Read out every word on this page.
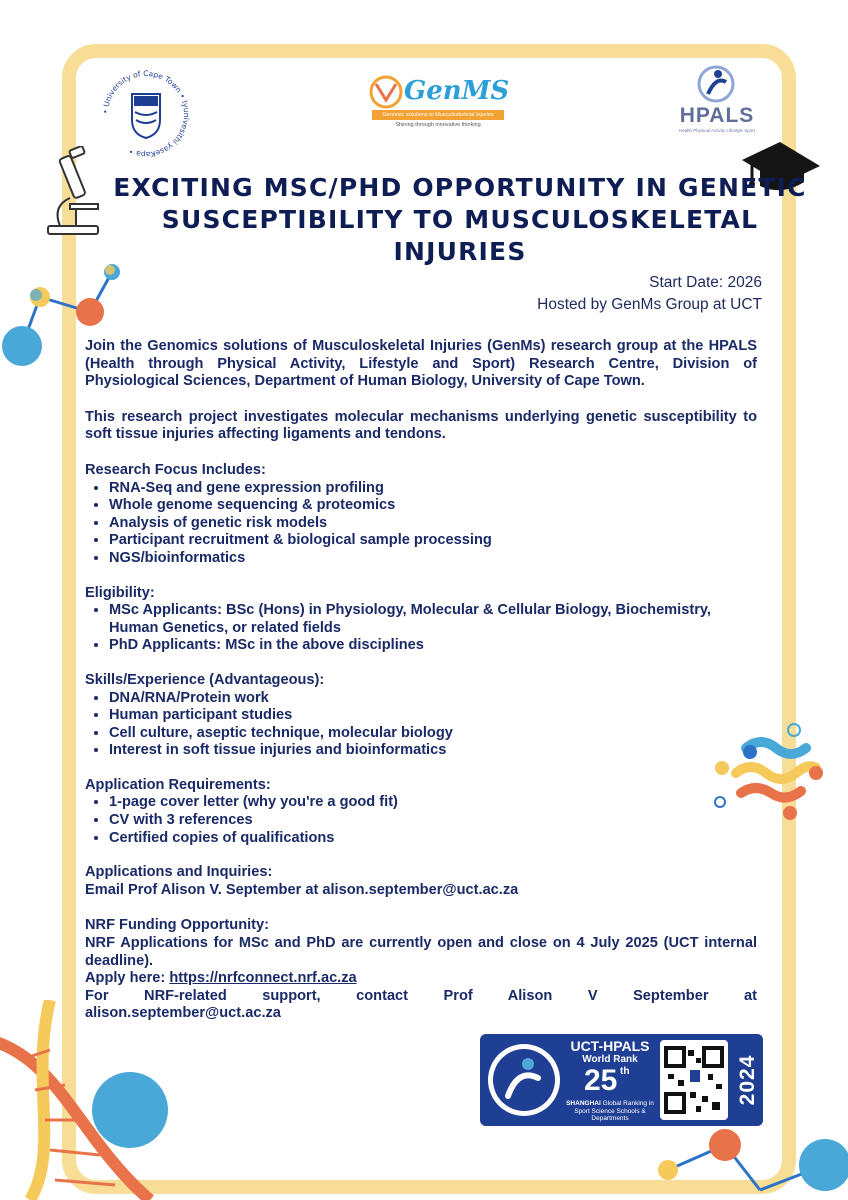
• University of Cape Town • Iyunivesithi yaseKapa •
GenMS
Genomic solutions to Musculoskeletal Injuries
Shining through innovative thinking	HPALS
Health Physical Activity Lifestyle Sport
EXCITING MSC/PHD OPPORTUNITY IN GENETIC SUSCEPTIBILITY TO MUSCULOSKELETAL INJURIES
Start Date: 2026
Hosted by GenMs Group at UCT

Join the Genomics solutions of Musculoskeletal Injuries (GenMs) research group at the HPALS (Health through Physical Activity, Lifestyle and Sport) Research Centre, Division of Physiological Sciences, Department of Human Biology, University of Cape Town.

This research project investigates molecular mechanisms underlying genetic susceptibility to soft tissue injuries affecting ligaments and tendons.

Research Focus Includes:

• RNA-Seq and gene expression profiling
• Whole genome sequencing & proteomics
• Analysis of genetic risk models
• Participant recruitment & biological sample processing
• NGS/bioinformatics

Eligibility:

• MSc Applicants: BSc (Hons) in Physiology, Molecular & Cellular Biology, Biochemistry, Human Genetics, or related fields
• PhD Applicants: MSc in the above disciplines

Skills/Experience (Advantageous):

• DNA/RNA/Protein work
• Human participant studies
• Cell culture, aseptic technique, molecular biology
• Interest in soft tissue injuries and bioinformatics

Application Requirements:

• 1-page cover letter (why you're a good fit)
• CV with 3 references
• Certified copies of qualifications

Applications and Inquiries:

Email Prof Alison V. September at alison.september@uct.ac.za

NRF Funding Opportunity:

NRF Applications for MSc and PhD are currently open and close on 4 July 2025 (UCT internal deadline).

Apply here: https://nrfconnect.nrf.ac.za

For NRF-related support, contact Prof Alison V September at

alison.september@uct.ac.za

UCT-HPALS
World Rank
25 th
SHANGHAI Global Ranking in Sport Science Schools & Departments
2024
